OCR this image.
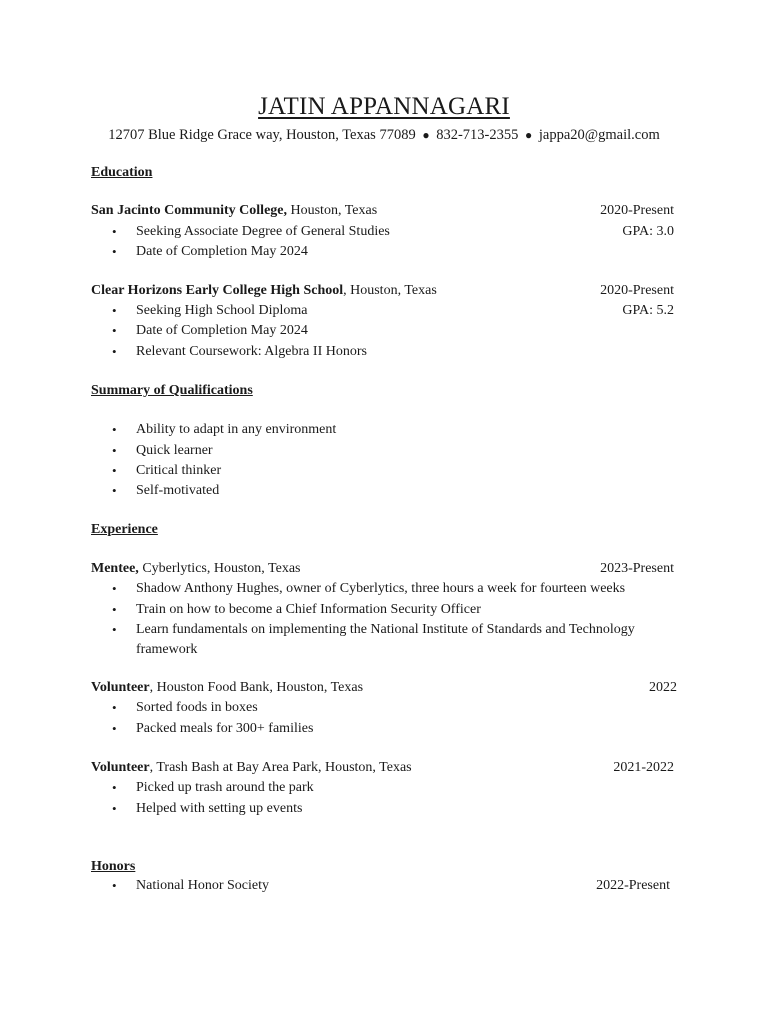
JATIN APPANNAGARI
12707 Blue Ridge Grace way, Houston, Texas 77089 ● 832-713-2355 ● jappa20@gmail.com
Education
San Jacinto Community College, Houston, Texas	2020-Present
• Seeking Associate Degree of General Studies	GPA: 3.0
• Date of Completion May 2024
Clear Horizons Early College High School, Houston, Texas	2020-Present
• Seeking High School Diploma	GPA: 5.2
• Date of Completion May 2024
• Relevant Coursework: Algebra II Honors
Summary of Qualifications
• Ability to adapt in any environment
• Quick learner
• Critical thinker
• Self-motivated
Experience
Mentee, Cyberlytics, Houston, Texas	2023-Present
• Shadow Anthony Hughes, owner of Cyberlytics, three hours a week for fourteen weeks
• Train on how to become a Chief Information Security Officer
• Learn fundamentals on implementing the National Institute of Standards and Technology
framework
Volunteer, Houston Food Bank, Houston, Texas	2022
• Sorted foods in boxes
• Packed meals for 300+ families
Volunteer, Trash Bash at Bay Area Park, Houston, Texas	2021-2022
• Picked up trash around the park
• Helped with setting up events
Honors
• National Honor Society	2022-Present
